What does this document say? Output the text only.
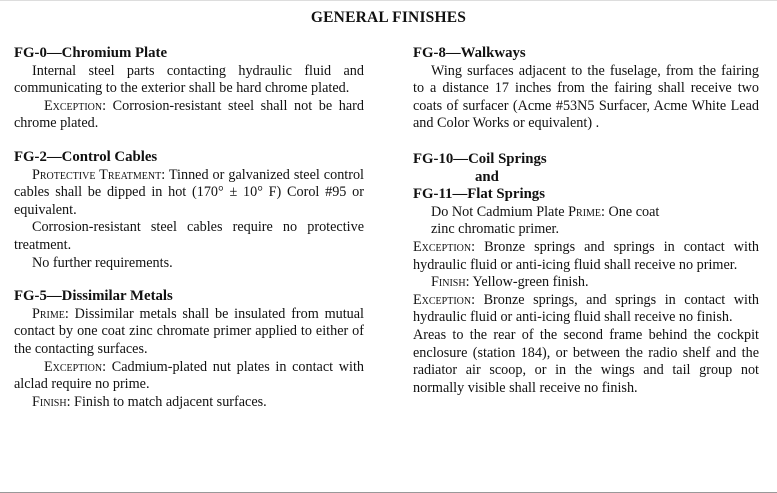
GENERAL FINISHES

FG-0—Chromium Plate

Internal steel parts contacting hydraulic fluid and communicating to the exterior shall be hard chrome plated.

Exception: Corrosion-resistant steel shall not be hard chrome plated.

FG-2—Control Cables

Protective Treatment: Tinned or galvanized steel control cables shall be dipped in hot (170° ± 10° F) Corol #95 or equivalent.

Corrosion-resistant steel cables require no protective treatment.

No further requirements.

FG-5—Dissimilar Metals

Prime: Dissimilar metals shall be insulated from mutual contact by one coat zinc chromate primer applied to either of the contacting surfaces.

Exception: Cadmium-plated nut plates in contact with alclad require no prime.

Finish: Finish to match adjacent surfaces.

FG-8—Walkways

Wing surfaces adjacent to the fuselage, from the fairing to a distance 17 inches from the fairing shall receive two coats of surfacer (Acme #53N5 Surfacer, Acme White Lead and Color Works or equivalent) .

FG-10—Coil Springs

and

FG-11—Flat Springs

Do Not Cadmium Plate Prime: One coat

zinc chromatic primer.

Exception: Bronze springs and springs in contact with hydraulic fluid or anti-icing fluid shall receive no primer.

Finish: Yellow-green finish.

Exception: Bronze springs, and springs in contact with hydraulic fluid or anti-icing fluid shall receive no finish.

Areas to the rear of the second frame behind the cockpit enclosure (station 184), or between the radio shelf and the radiator air scoop, or in the wings and tail group not normally visible shall receive no finish.
